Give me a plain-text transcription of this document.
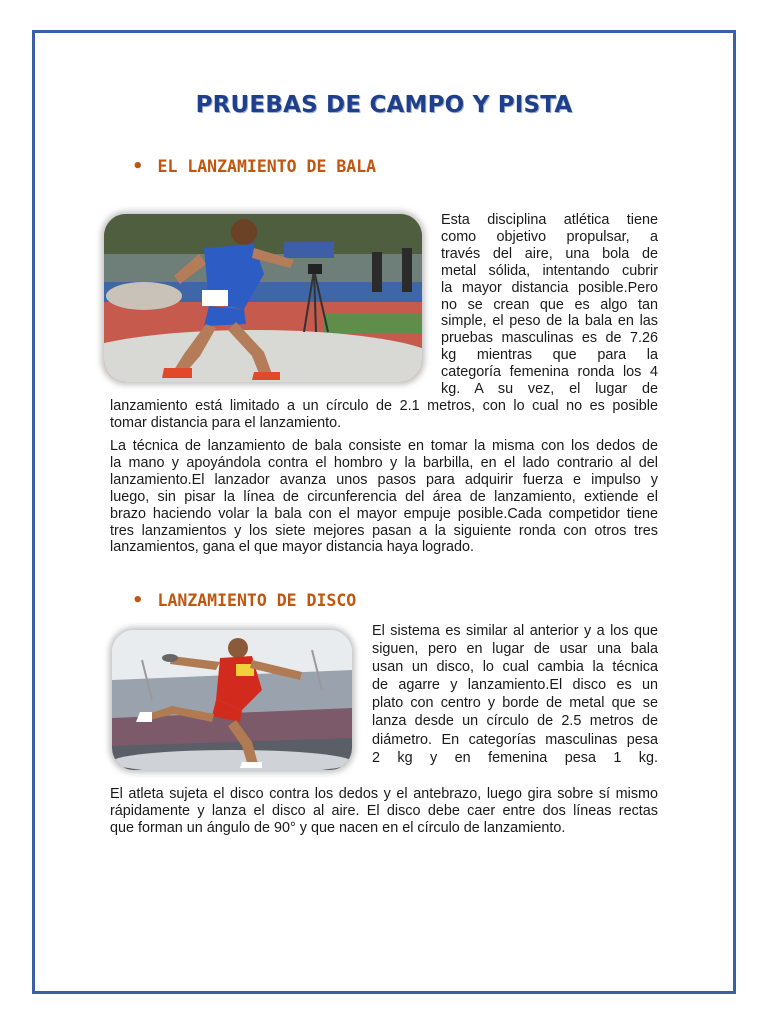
PRUEBAS DE CAMPO Y PISTA
• EL LANZAMIENTO DE BALA
Esta disciplina atlética tiene
como objetivo propulsar, a
través del aire, una bola de
metal sólida, intentando cubrir
la mayor distancia posible.Pero
no se crean que es algo tan
simple, el peso de la bala en las
pruebas masculinas es de 7.26
kg mientras que para la
categoría femenina ronda los 4
kg. A su vez, el lugar de
lanzamiento está limitado a un círculo de 2.1 metros, con lo cual no es posible
tomar distancia para el lanzamiento.
La técnica de lanzamiento de bala consiste en tomar la misma con los dedos de
la mano y apoyándola contra el hombro y la barbilla, en el lado contrario al del
lanzamiento.El lanzador avanza unos pasos para adquirir fuerza e impulso y
luego, sin pisar la línea de circunferencia del área de lanzamiento, extiende el
brazo haciendo volar la bala con el mayor empuje posible.Cada competidor tiene
tres lanzamientos y los siete mejores pasan a la siguiente ronda con otros tres
lanzamientos, gana el que mayor distancia haya logrado.
• LANZAMIENTO DE DISCO
El sistema es similar al anterior y a los que
siguen, pero en lugar de usar una bala
usan un disco, lo cual cambia la técnica
de agarre y lanzamiento.El disco es un
plato con centro y borde de metal que se
lanza desde un círculo de 2.5 metros de
diámetro. En categorías masculinas pesa
2 kg y en femenina pesa 1 kg.
El atleta sujeta el disco contra los dedos y el antebrazo, luego gira sobre sí mismo
rápidamente y lanza el disco al aire. El disco debe caer entre dos líneas rectas
que forman un ángulo de 90° y que nacen en el círculo de lanzamiento.
